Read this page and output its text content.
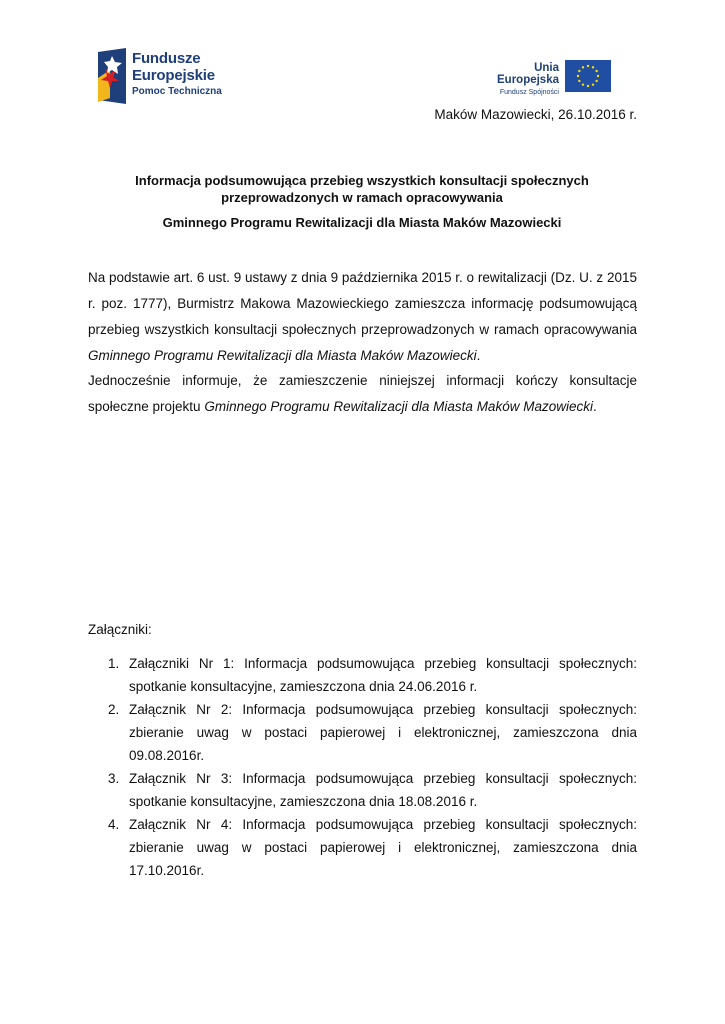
Fundusze
Europejskie
Pomoc Techniczna
Unia Europejska
Fundusz Spójności
Maków Mazowiecki, 26.10.2016 r.
Informacja podsumowująca przebieg wszystkich konsultacji społecznych
przeprowadzonych w ramach opracowywania
Gminnego Programu Rewitalizacji dla Miasta Maków Mazowiecki
Na podstawie art. 6 ust. 9 ustawy z dnia 9 października 2015 r. o rewitalizacji (Dz. U. z 2015 r. poz. 1777), Burmistrz Makowa Mazowieckiego zamieszcza informację podsumowującą przebieg wszystkich konsultacji społecznych przeprowadzonych w ramach opracowywania Gminnego Programu Rewitalizacji dla Miasta Maków Mazowiecki.
Jednocześnie informuje, że zamieszczenie niniejszej informacji kończy konsultacje społeczne projektu Gminnego Programu Rewitalizacji dla Miasta Maków Mazowiecki.
Załączniki:
1. Załączniki Nr 1: Informacja podsumowująca przebieg konsultacji społecznych: spotkanie konsultacyjne, zamieszczona dnia 24.06.2016 r.
2. Załącznik Nr 2: Informacja podsumowująca przebieg konsultacji społecznych: zbieranie uwag w postaci papierowej i elektronicznej, zamieszczona dnia 09.08.2016r.
3. Załącznik Nr 3: Informacja podsumowująca przebieg konsultacji społecznych: spotkanie konsultacyjne, zamieszczona dnia 18.08.2016 r.
4. Załącznik Nr 4: Informacja podsumowująca przebieg konsultacji społecznych: zbieranie uwag w postaci papierowej i elektronicznej, zamieszczona dnia 17.10.2016r.
